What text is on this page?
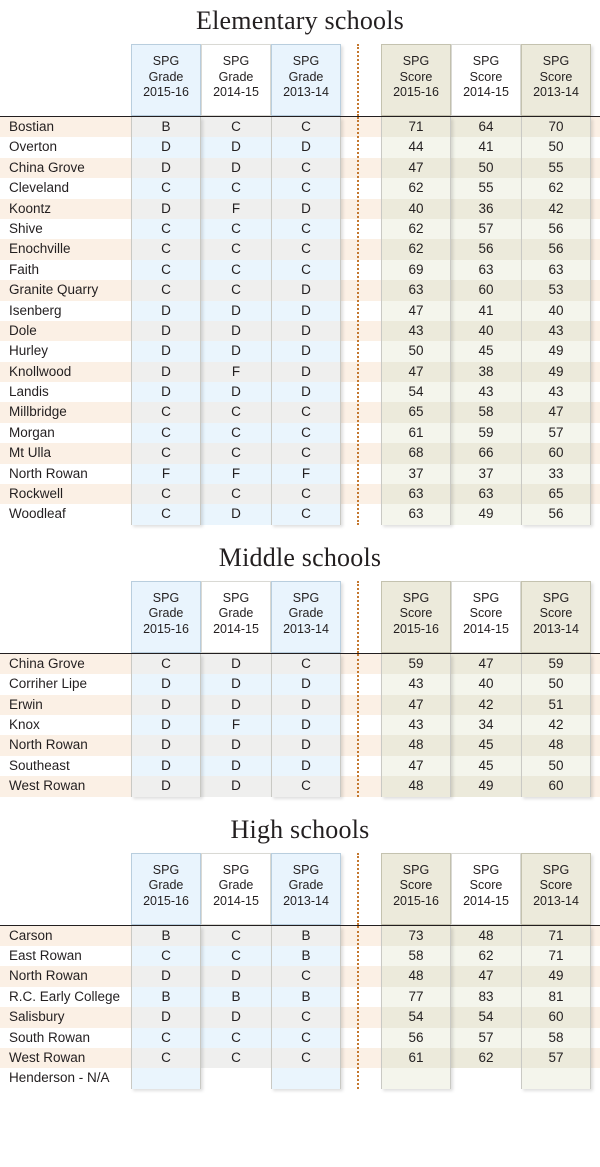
Elementary schools
SPG
Grade
2015-16
SPG
Grade
2014-15
SPG
Grade
2013-14
SPG
Score
2015-16
SPG
Score
2014-15
SPG
Score
2013-14
Bostian	B	C	C	71	64	70
Overton	D	D	D	44	41	50
China Grove	D	D	C	47	50	55
Cleveland	C	C	C	62	55	62
Koontz	D	F	D	40	36	42
Shive	C	C	C	62	57	56
Enochville	C	C	C	62	56	56
Faith	C	C	C	69	63	63
Granite Quarry	C	C	D	63	60	53
Isenberg	D	D	D	47	41	40
Dole	D	D	D	43	40	43
Hurley	D	D	D	50	45	49
Knollwood	D	F	D	47	38	49
Landis	D	D	D	54	43	43
Millbridge	C	C	C	65	58	47
Morgan	C	C	C	61	59	57
Mt Ulla	C	C	C	68	66	60
North Rowan	F	F	F	37	37	33
Rockwell	C	C	C	63	63	65
Woodleaf	C	D	C	63	49	56
Middle schools
SPG
Grade
2015-16
SPG
Grade
2014-15
SPG
Grade
2013-14
SPG
Score
2015-16
SPG
Score
2014-15
SPG
Score
2013-14
China Grove	C	D	C	59	47	59
Corriher Lipe	D	D	D	43	40	50
Erwin	D	D	D	47	42	51
Knox	D	F	D	43	34	42
North Rowan	D	D	D	48	45	48
Southeast	D	D	D	47	45	50
West Rowan	D	D	C	48	49	60
High schools
SPG
Grade
2015-16
SPG
Grade
2014-15
SPG
Grade
2013-14
SPG
Score
2015-16
SPG
Score
2014-15
SPG
Score
2013-14
Carson	B	C	B	73	48	71
East Rowan	C	C	B	58	62	71
North Rowan	D	D	C	48	47	49
R.C. Early College	B	B	B	77	83	81
Salisbury	D	D	C	54	54	60
South Rowan	C	C	C	56	57	58
West Rowan	C	C	C	61	62	57
Henderson - N/A
